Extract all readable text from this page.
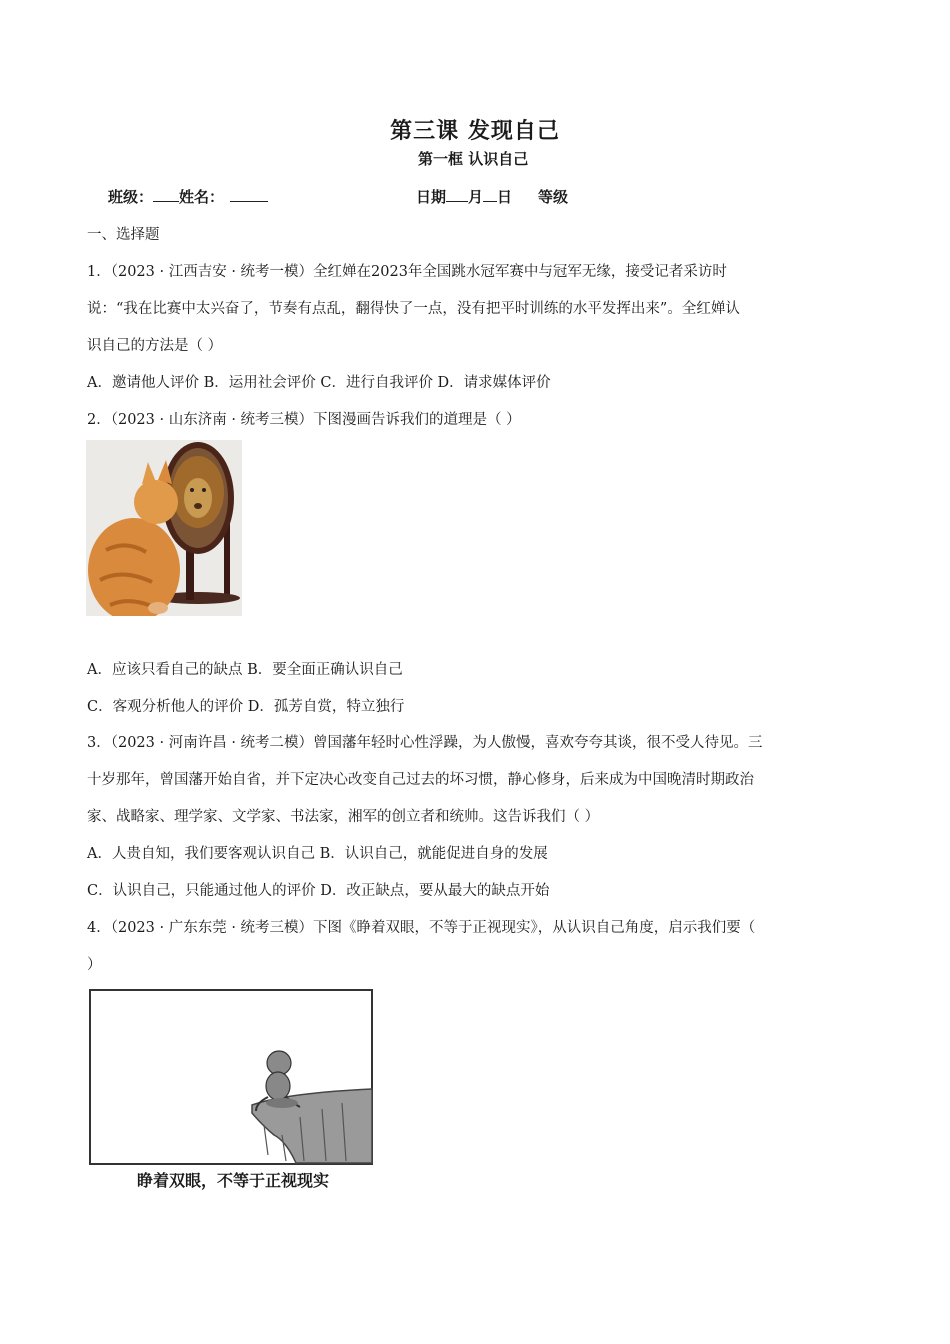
第三课 发现自己
第一框 认识自己
班级： 姓名：	日期 月 日 等级
一、选择题
1．（2023 · 江西吉安 · 统考一模）全红婵在2023年全国跳水冠军赛中与冠军无缘，接受记者采访时
说：“我在比赛中太兴奋了，节奏有点乱，翻得快了一点，没有把平时训练的水平发挥出来”。全红婵认
识自己的方法是（ ）
A．邀请他人评价 B．运用社会评价 C．进行自我评价 D．请求媒体评价
2．（2023 · 山东济南 · 统考三模）下图漫画告诉我们的道理是（ ）
A．应该只看自己的缺点 B．要全面正确认识自己
C．客观分析他人的评价 D．孤芳自赏，特立独行
3．（2023 · 河南许昌 · 统考二模）曾国藩年轻时心性浮躁，为人傲慢，喜欢夸夸其谈，很不受人待见。三
十岁那年，曾国藩开始自省，并下定决心改变自己过去的坏习惯，静心修身，后来成为中国晚清时期政治
家、战略家、理学家、文学家、书法家，湘军的创立者和统帅。这告诉我们（ ）
A．人贵自知，我们要客观认识自己 B．认识自己，就能促进自身的发展
C．认识自己，只能通过他人的评价 D．改正缺点，要从最大的缺点开始
4．（2023 · 广东东莞 · 统考三模）下图《睁着双眼，不等于正视现实》，从认识自己角度，启示我们要（
）
睁着双眼，不等于正视现实
